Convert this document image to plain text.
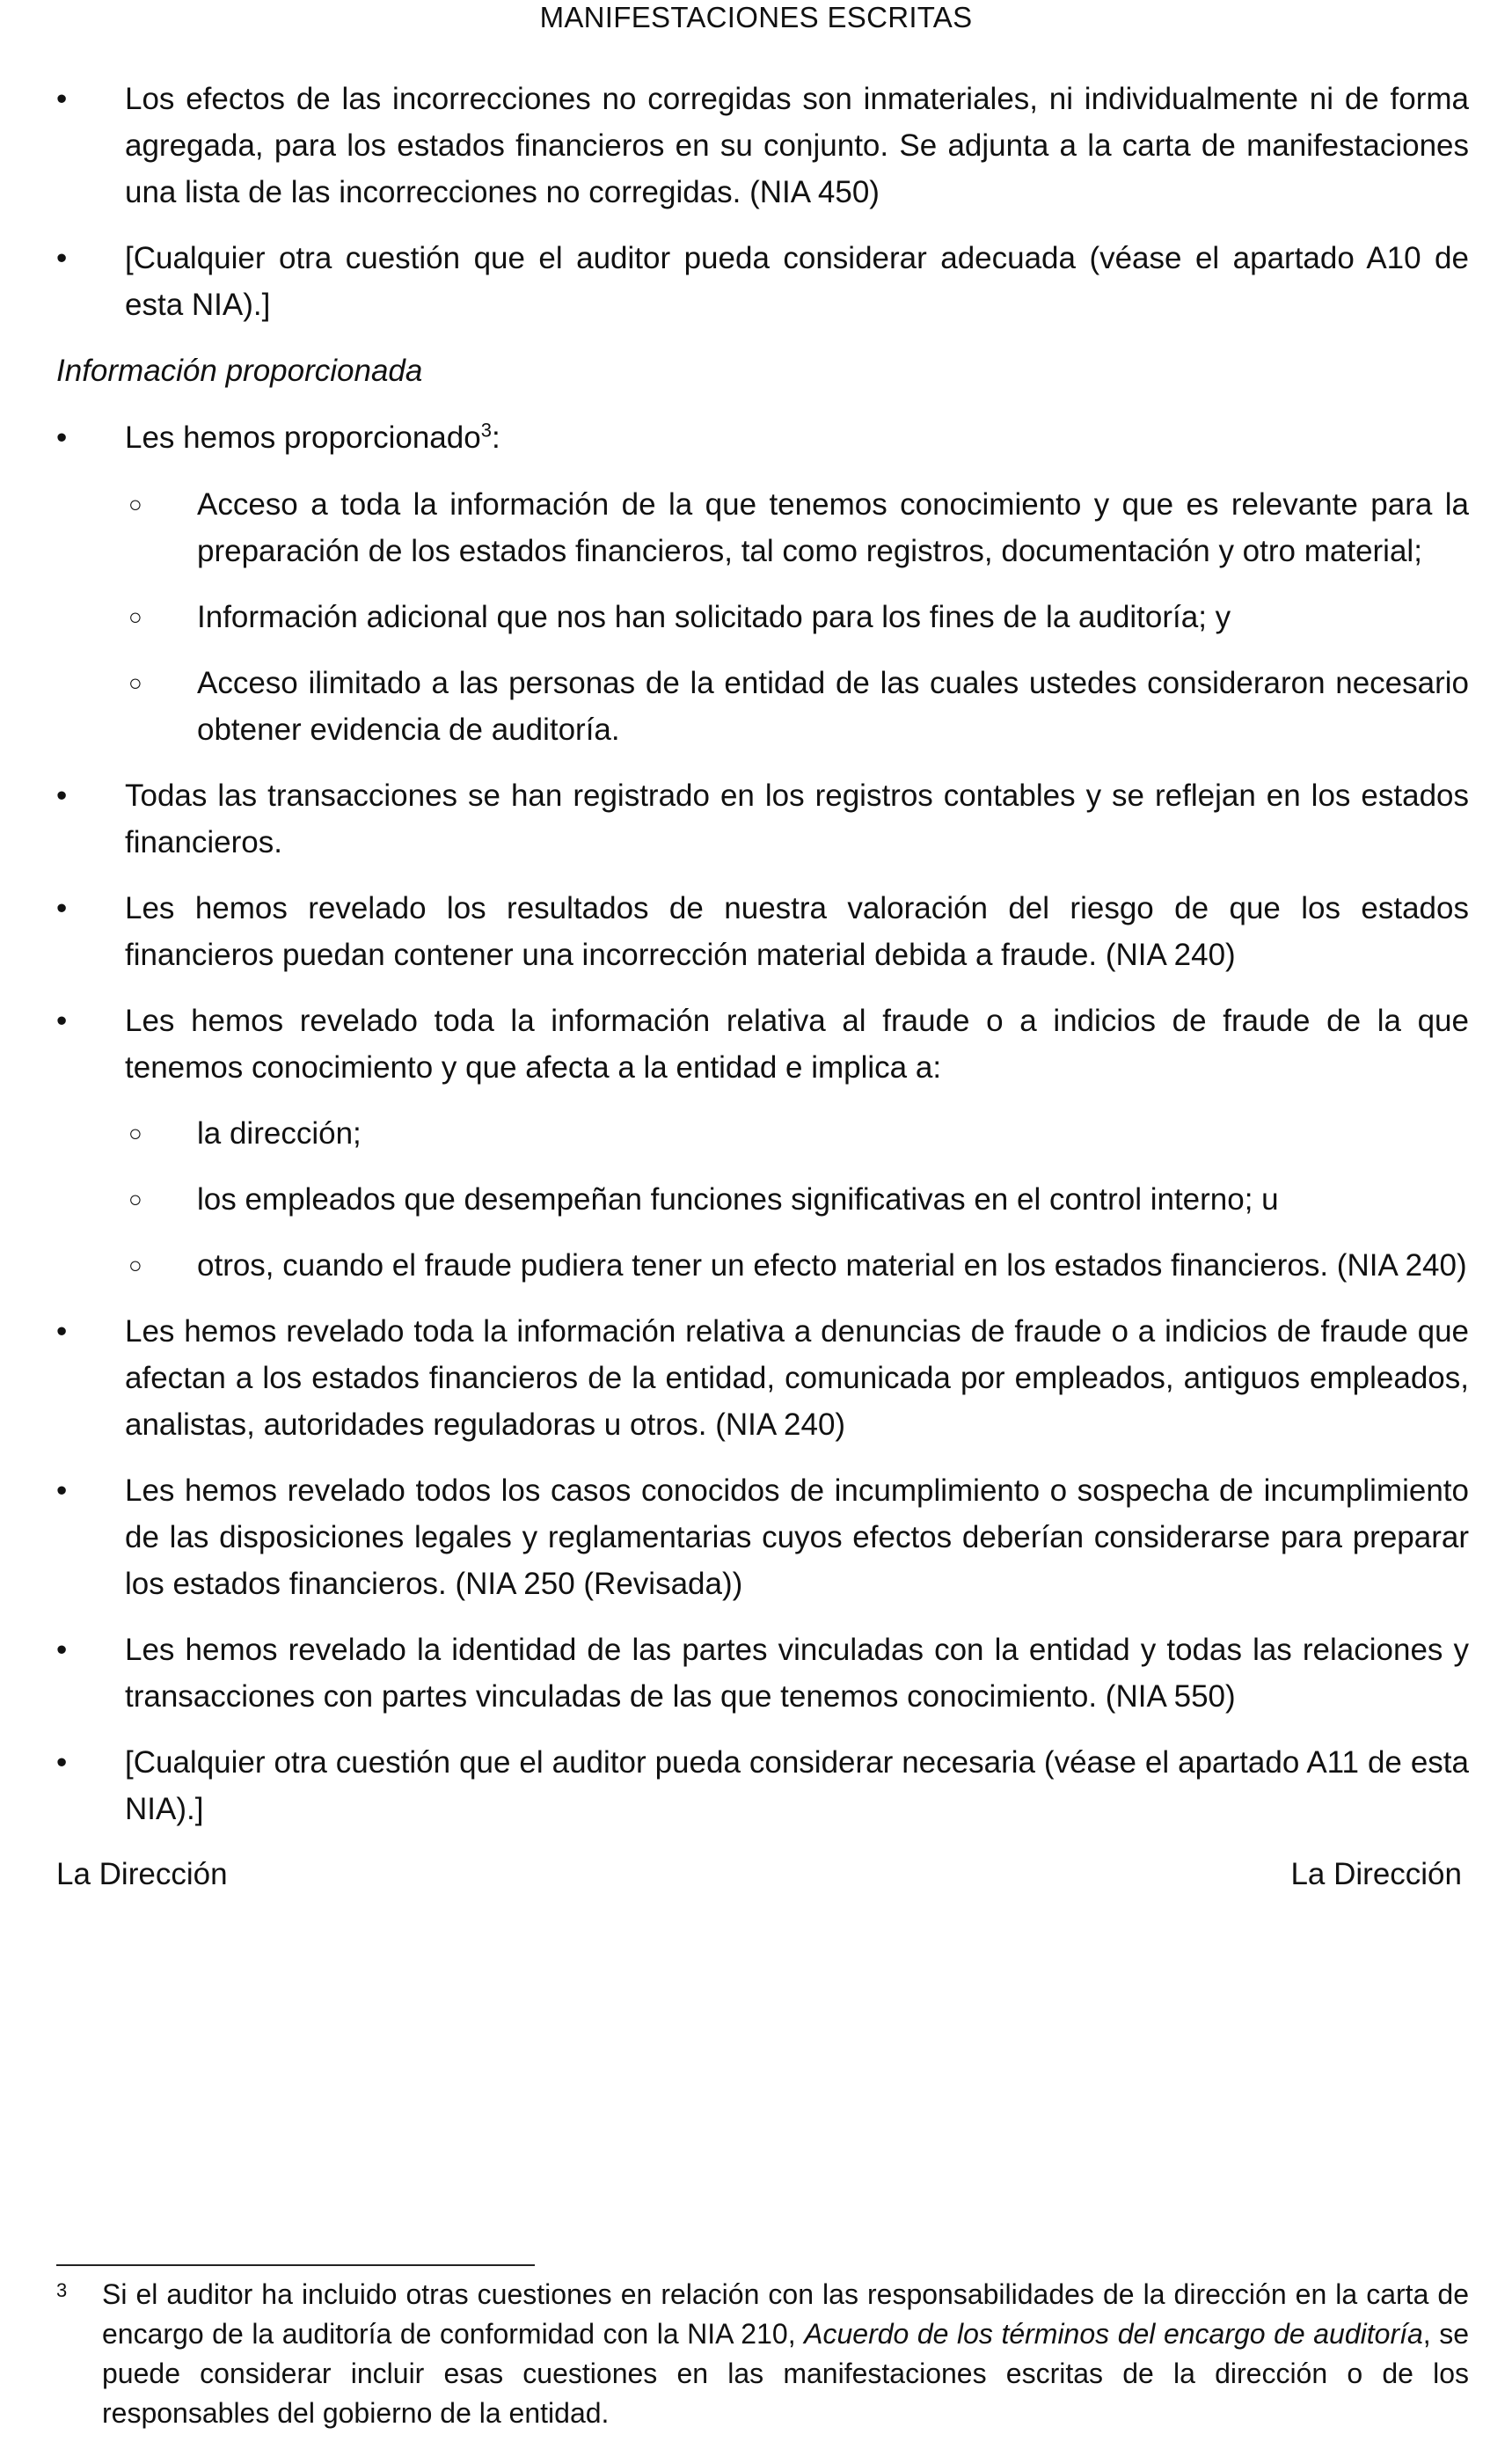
MANIFESTACIONES ESCRITAS
•	Los efectos de las incorrecciones no corregidas son inmateriales, ni individualmente ni de forma agregada, para los estados financieros en su conjunto. Se adjunta a la carta de manifestaciones una lista de las incorrecciones no corregidas. (NIA 450)
•	[Cualquier otra cuestión que el auditor pueda considerar adecuada (véase el apartado A10 de esta NIA).]
Información proporcionada
•	Les hemos proporcionado$^3$:
○	Acceso a toda la información de la que tenemos conocimiento y que es relevante para la preparación de los estados financieros, tal como registros, documentación y otro material;
○	Información adicional que nos han solicitado para los fines de la auditoría; y
○	Acceso ilimitado a las personas de la entidad de las cuales ustedes consideraron necesario obtener evidencia de auditoría.
•	Todas las transacciones se han registrado en los registros contables y se reflejan en los estados financieros.
•	Les hemos revelado los resultados de nuestra valoración del riesgo de que los estados financieros puedan contener una incorrección material debida a fraude. (NIA 240)
•	Les hemos revelado toda la información relativa al fraude o a indicios de fraude de la que tenemos conocimiento y que afecta a la entidad e implica a:
○	la dirección;
○	los empleados que desempeñan funciones significativas en el control interno; u
○	otros, cuando el fraude pudiera tener un efecto material en los estados financieros. (NIA 240)
•	Les hemos revelado toda la información relativa a denuncias de fraude o a indicios de fraude que afectan a los estados financieros de la entidad, comunicada por empleados, antiguos empleados, analistas, autoridades reguladoras u otros. (NIA 240)
•	Les hemos revelado todos los casos conocidos de incumplimiento o sospecha de incumplimiento de las disposiciones legales y reglamentarias cuyos efectos deberían considerarse para preparar los estados financieros. (NIA 250 (Revisada))
•	Les hemos revelado la identidad de las partes vinculadas con la entidad y todas las relaciones y transacciones con partes vinculadas de las que tenemos conocimiento. (NIA 550)
•	[Cualquier otra cuestión que el auditor pueda considerar necesaria (véase el apartado A11 de esta NIA).]
La Dirección	La Dirección
3 Si el auditor ha incluido otras cuestiones en relación con las responsabilidades de la dirección en la carta de encargo de la auditoría de conformidad con la NIA 210, Acuerdo de los términos del encargo de auditoría, se puede considerar incluir esas cuestiones en las manifestaciones escritas de la dirección o de los responsables del gobierno de la entidad.
